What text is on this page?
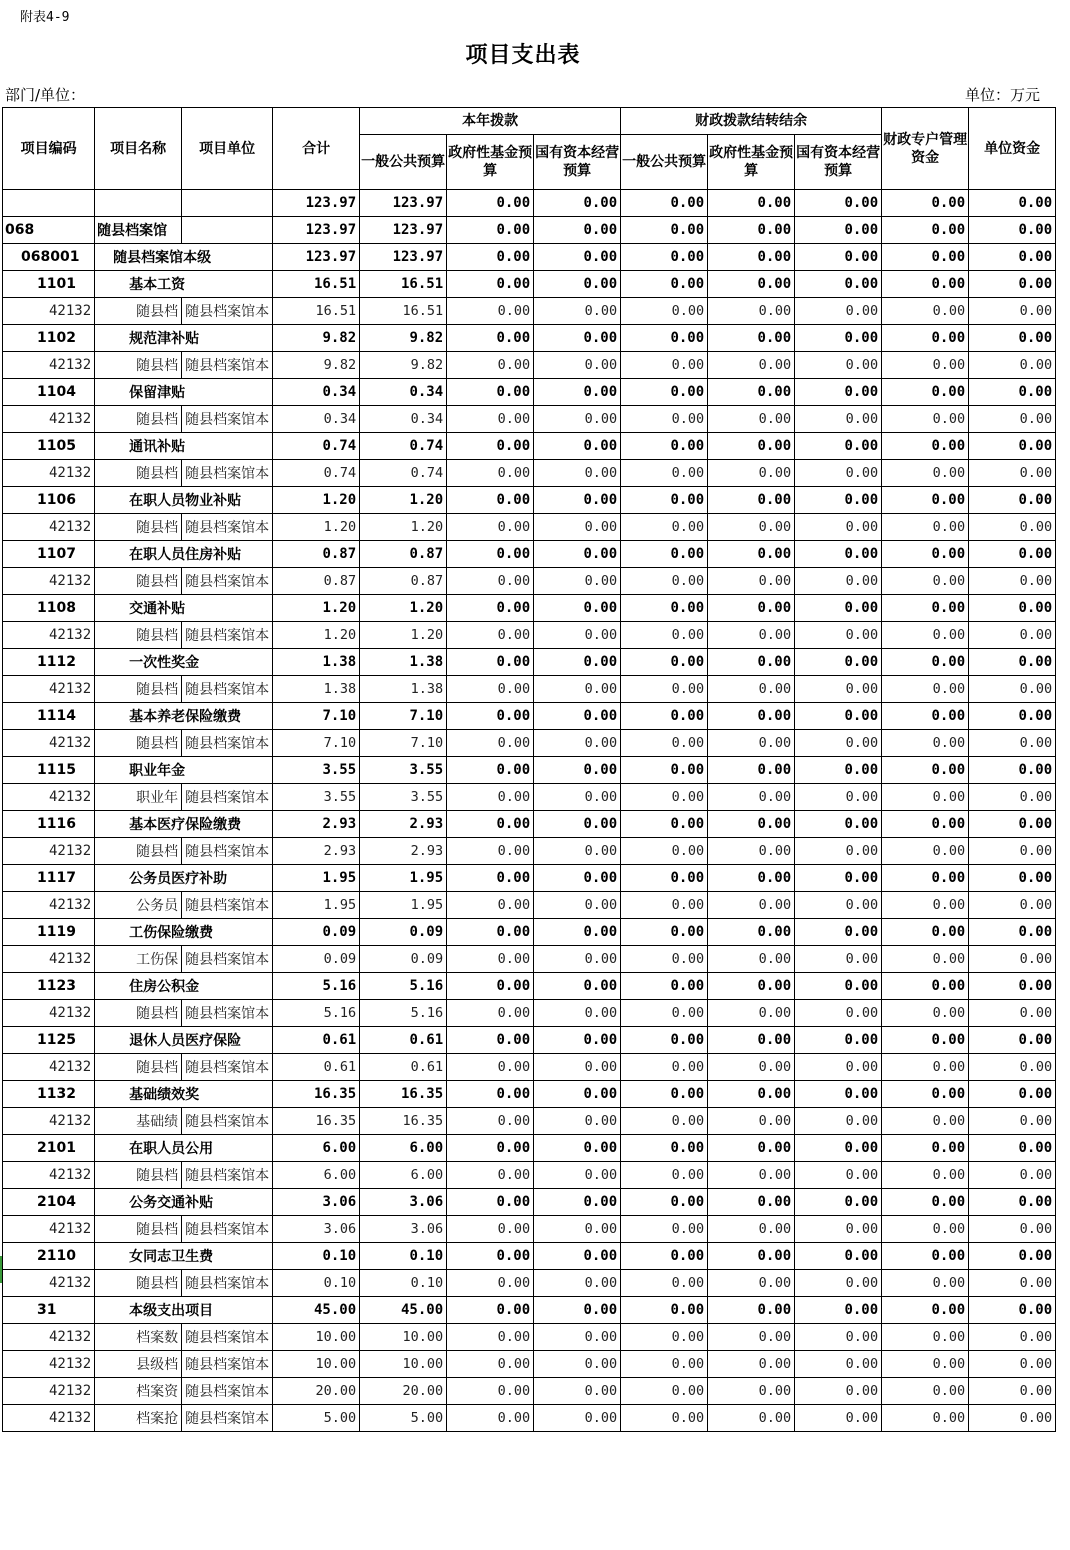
附表4-9
项目支出表
部门/单位：	单位：万元
项目编码	项目名称	项目单位	合计	本年拨款			财政拨款结转结余			财政专户管理资金	单位资金
				一般公共预算	政府性基金预算	国有资本经营预算	一般公共预算	政府性基金预算	国有资本经营预算		
			123.97	123.97	0.00	0.00	0.00	0.00	0.00	0.00	0.00
068	随县档案馆		123.97	123.97	0.00	0.00	0.00	0.00	0.00	0.00	0.00
068001	随县档案馆本级		123.97	123.97	0.00	0.00	0.00	0.00	0.00	0.00	0.00
1101	基本工资		16.51	16.51	0.00	0.00	0.00	0.00	0.00	0.00	0.00
42132	随县档	随县档案馆本	16.51	16.51	0.00	0.00	0.00	0.00	0.00	0.00	0.00
1102	规范津补贴		9.82	9.82	0.00	0.00	0.00	0.00	0.00	0.00	0.00
42132	随县档	随县档案馆本	9.82	9.82	0.00	0.00	0.00	0.00	0.00	0.00	0.00
1104	保留津贴		0.34	0.34	0.00	0.00	0.00	0.00	0.00	0.00	0.00
42132	随县档	随县档案馆本	0.34	0.34	0.00	0.00	0.00	0.00	0.00	0.00	0.00
1105	通讯补贴		0.74	0.74	0.00	0.00	0.00	0.00	0.00	0.00	0.00
42132	随县档	随县档案馆本	0.74	0.74	0.00	0.00	0.00	0.00	0.00	0.00	0.00
1106	在职人员物业补贴		1.20	1.20	0.00	0.00	0.00	0.00	0.00	0.00	0.00
42132	随县档	随县档案馆本	1.20	1.20	0.00	0.00	0.00	0.00	0.00	0.00	0.00
1107	在职人员住房补贴		0.87	0.87	0.00	0.00	0.00	0.00	0.00	0.00	0.00
42132	随县档	随县档案馆本	0.87	0.87	0.00	0.00	0.00	0.00	0.00	0.00	0.00
1108	交通补贴		1.20	1.20	0.00	0.00	0.00	0.00	0.00	0.00	0.00
42132	随县档	随县档案馆本	1.20	1.20	0.00	0.00	0.00	0.00	0.00	0.00	0.00
1112	一次性奖金		1.38	1.38	0.00	0.00	0.00	0.00	0.00	0.00	0.00
42132	随县档	随县档案馆本	1.38	1.38	0.00	0.00	0.00	0.00	0.00	0.00	0.00
1114	基本养老保险缴费		7.10	7.10	0.00	0.00	0.00	0.00	0.00	0.00	0.00
42132	随县档	随县档案馆本	7.10	7.10	0.00	0.00	0.00	0.00	0.00	0.00	0.00
1115	职业年金		3.55	3.55	0.00	0.00	0.00	0.00	0.00	0.00	0.00
42132	职业年	随县档案馆本	3.55	3.55	0.00	0.00	0.00	0.00	0.00	0.00	0.00
1116	基本医疗保险缴费		2.93	2.93	0.00	0.00	0.00	0.00	0.00	0.00	0.00
42132	随县档	随县档案馆本	2.93	2.93	0.00	0.00	0.00	0.00	0.00	0.00	0.00
1117	公务员医疗补助		1.95	1.95	0.00	0.00	0.00	0.00	0.00	0.00	0.00
42132	公务员	随县档案馆本	1.95	1.95	0.00	0.00	0.00	0.00	0.00	0.00	0.00
1119	工伤保险缴费		0.09	0.09	0.00	0.00	0.00	0.00	0.00	0.00	0.00
42132	工伤保	随县档案馆本	0.09	0.09	0.00	0.00	0.00	0.00	0.00	0.00	0.00
1123	住房公积金		5.16	5.16	0.00	0.00	0.00	0.00	0.00	0.00	0.00
42132	随县档	随县档案馆本	5.16	5.16	0.00	0.00	0.00	0.00	0.00	0.00	0.00
1125	退休人员医疗保险		0.61	0.61	0.00	0.00	0.00	0.00	0.00	0.00	0.00
42132	随县档	随县档案馆本	0.61	0.61	0.00	0.00	0.00	0.00	0.00	0.00	0.00
1132	基础绩效奖		16.35	16.35	0.00	0.00	0.00	0.00	0.00	0.00	0.00
42132	基础绩	随县档案馆本	16.35	16.35	0.00	0.00	0.00	0.00	0.00	0.00	0.00
2101	在职人员公用		6.00	6.00	0.00	0.00	0.00	0.00	0.00	0.00	0.00
42132	随县档	随县档案馆本	6.00	6.00	0.00	0.00	0.00	0.00	0.00	0.00	0.00
2104	公务交通补贴		3.06	3.06	0.00	0.00	0.00	0.00	0.00	0.00	0.00
42132	随县档	随县档案馆本	3.06	3.06	0.00	0.00	0.00	0.00	0.00	0.00	0.00
2110	女同志卫生费		0.10	0.10	0.00	0.00	0.00	0.00	0.00	0.00	0.00
42132	随县档	随县档案馆本	0.10	0.10	0.00	0.00	0.00	0.00	0.00	0.00	0.00
31	本级支出项目		45.00	45.00	0.00	0.00	0.00	0.00	0.00	0.00	0.00
42132	档案数	随县档案馆本	10.00	10.00	0.00	0.00	0.00	0.00	0.00	0.00	0.00
42132	县级档	随县档案馆本	10.00	10.00	0.00	0.00	0.00	0.00	0.00	0.00	0.00
42132	档案资	随县档案馆本	20.00	20.00	0.00	0.00	0.00	0.00	0.00	0.00	0.00
42132	档案抢	随县档案馆本	5.00	5.00	0.00	0.00	0.00	0.00	0.00	0.00	0.00
